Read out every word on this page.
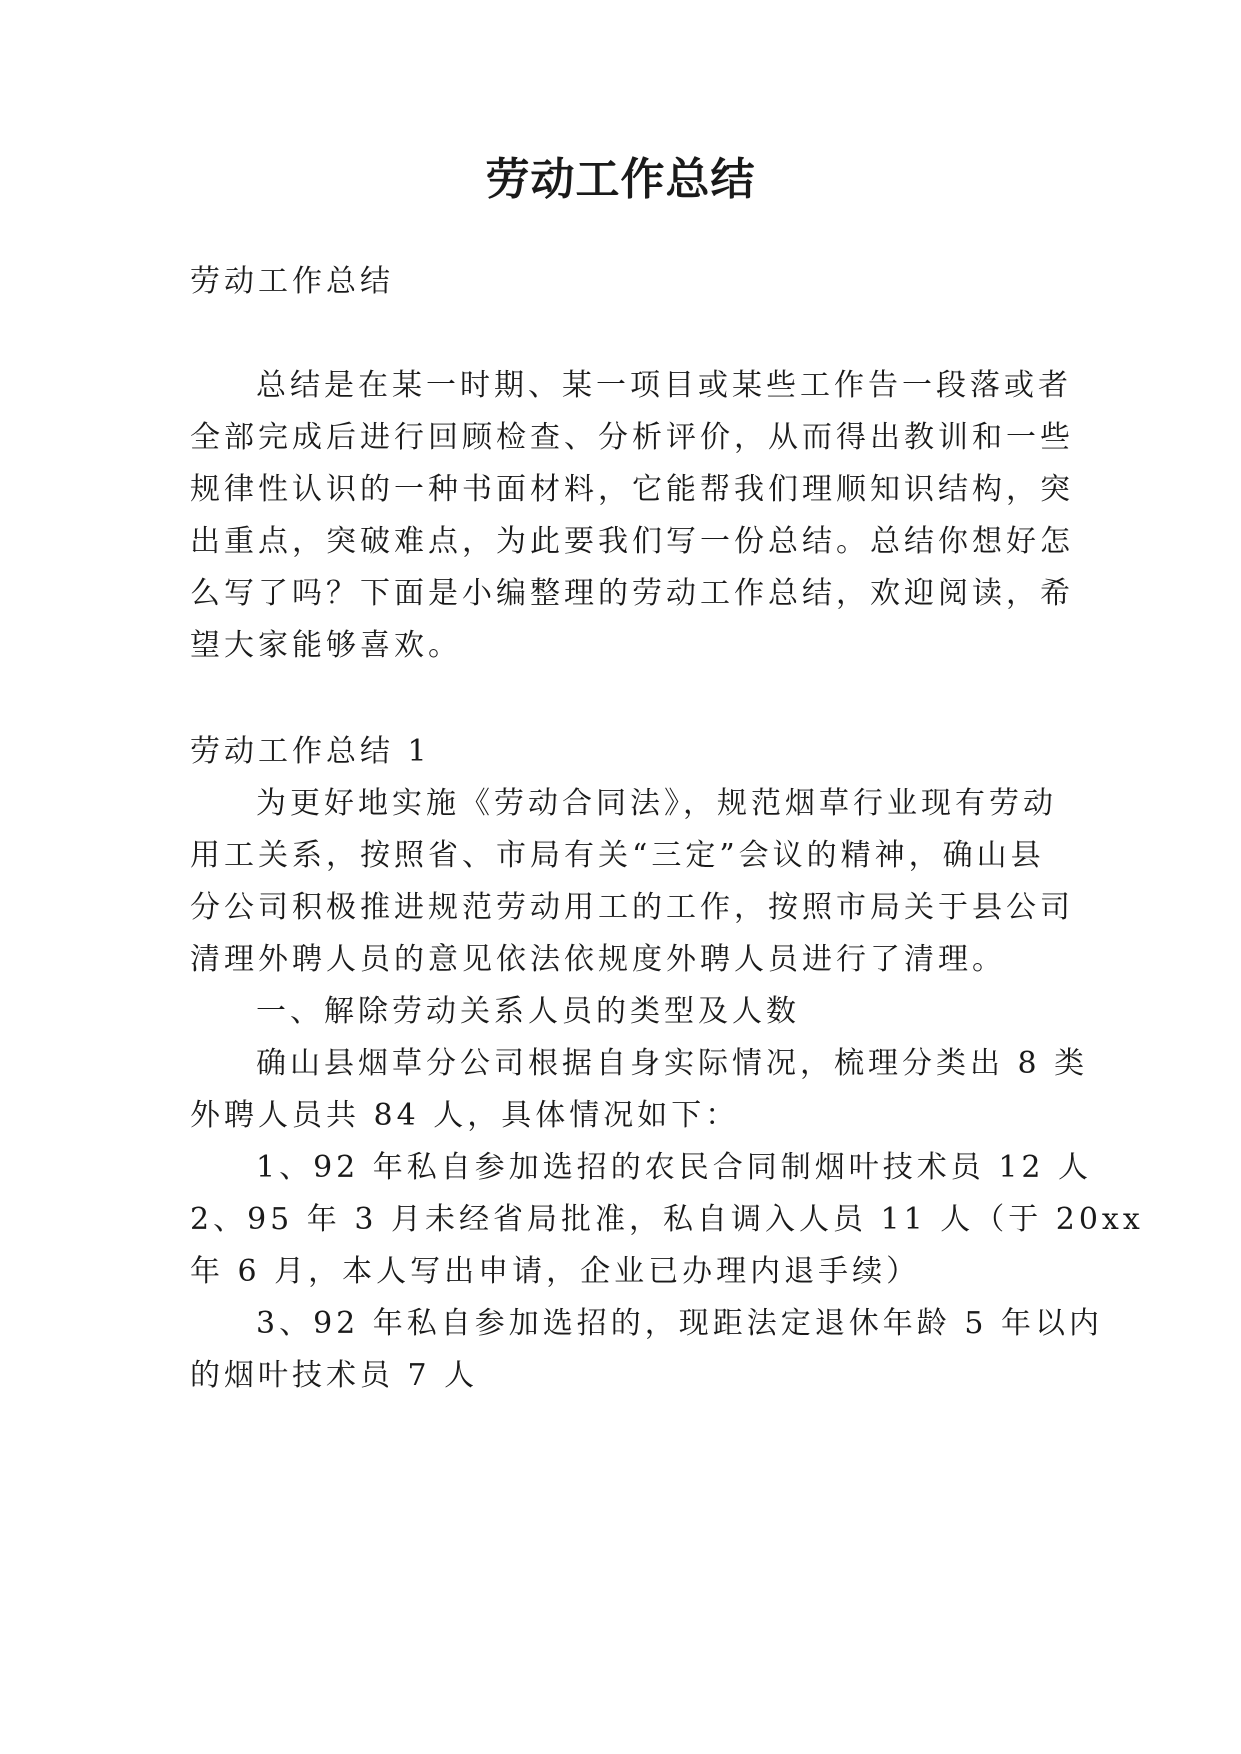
劳动工作总结
劳动工作总结
总结是在某一时期、某一项目或某些工作告一段落或者
全部完成后进行回顾检查、分析评价，从而得出教训和一些
规律性认识的一种书面材料，它能帮我们理顺知识结构，突
出重点，突破难点，为此要我们写一份总结。总结你想好怎
么写了吗？下面是小编整理的劳动工作总结，欢迎阅读，希
望大家能够喜欢。
劳动工作总结 1
为更好地实施《劳动合同法》，规范烟草行业现有劳动
用工关系，按照省、市局有关“三定”会议的精神，确山县
分公司积极推进规范劳动用工的工作，按照市局关于县公司
清理外聘人员的意见依法依规度外聘人员进行了清理。
一、解除劳动关系人员的类型及人数
确山县烟草分公司根据自身实际情况，梳理分类出 8 类
外聘人员共 84 人，具体情况如下：
1、92 年私自参加选招的农民合同制烟叶技术员 12 人
2、95 年 3 月未经省局批准，私自调入人员 11 人（于 20xx
年 6 月，本人写出申请，企业已办理内退手续）
3、92 年私自参加选招的，现距法定退休年龄 5 年以内
的烟叶技术员 7 人
